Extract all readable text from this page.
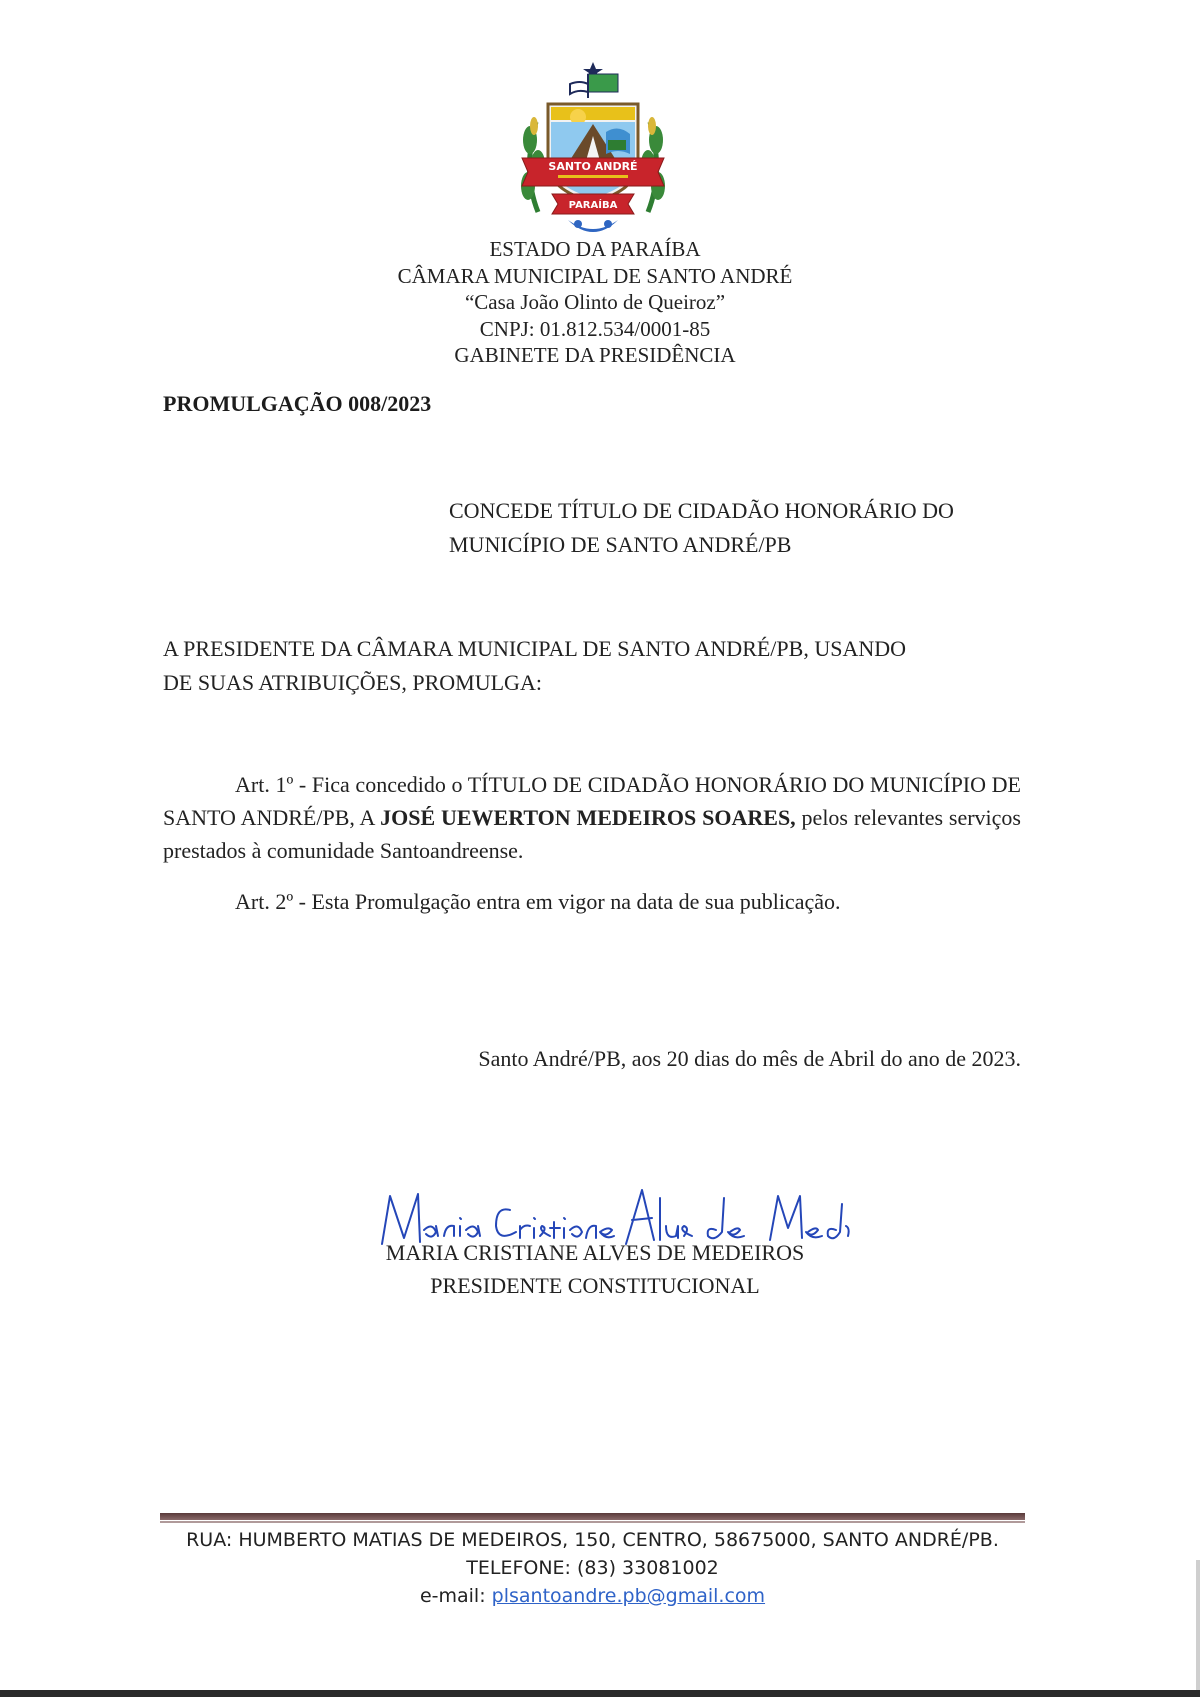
SANTO ANDRÉ
PARAÍBA
ESTADO DA PARAÍBA
CÂMARA MUNICIPAL DE SANTO ANDRÉ
“Casa João Olinto de Queiroz”
CNPJ: 01.812.534/0001-85
GABINETE DA PRESIDÊNCIA
PROMULGAÇÃO 008/2023
CONCEDE TÍTULO DE CIDADÃO HONORÁRIO DO
MUNICÍPIO DE SANTO ANDRÉ/PB
A PRESIDENTE DA CÂMARA MUNICIPAL DE SANTO ANDRÉ/PB, USANDO
DE SUAS ATRIBUIÇÕES, PROMULGA:

Art. 1º - Fica concedido o TÍTULO DE CIDADÃO HONORÁRIO DO MUNICÍPIO DE SANTO ANDRÉ/PB, A JOSÉ UEWERTON MEDEIROS SOARES, pelos relevantes serviços prestados à comunidade Santoandreense.

Art. 2º - Esta Promulgação entra em vigor na data de sua publicação.

Santo André/PB, aos 20 dias do mês de Abril do ano de 2023.
MARIA CRISTIANE ALVES DE MEDEIROS
PRESIDENTE CONSTITUCIONAL
RUA: HUMBERTO MATIAS DE MEDEIROS, 150, CENTRO, 58675000, SANTO ANDRÉ/PB.
TELEFONE: (83) 33081002
e-mail: plsantoandre.pb@gmail.com
